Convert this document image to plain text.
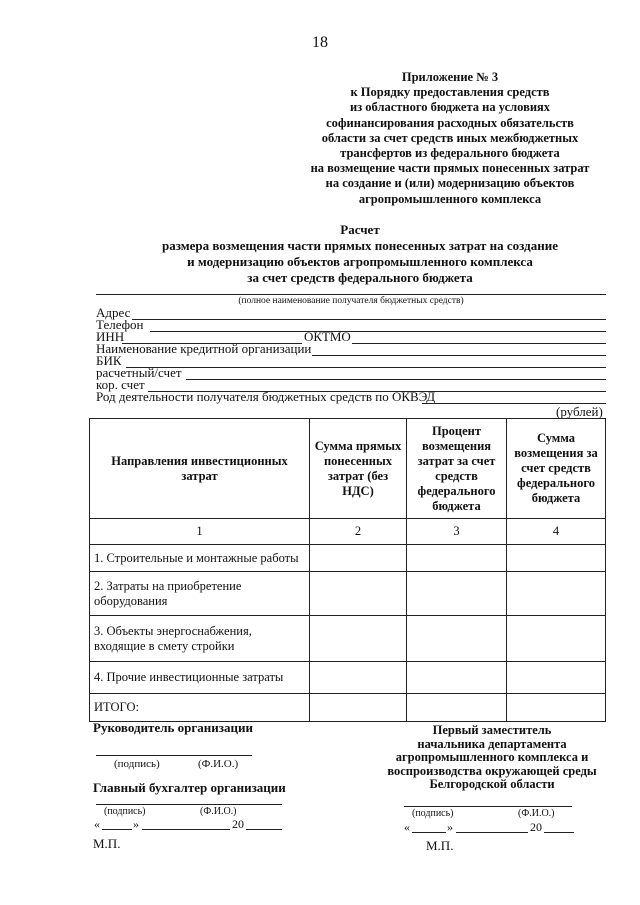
18
Приложение № 3
к Порядку предоставления средств
из областного бюджета на условиях
софинансирования расходных обязательств
области за счет средств иных межбюджетных
трансфертов из федерального бюджета
на возмещение части прямых понесенных затрат
на создание и (или) модернизацию объектов
агропромышленного комплекса
Расчет
размера возмещения части прямых понесенных затрат на создание
и модернизацию объектов агропромышленного комплекса
за счет средств федерального бюджета
(полное наименование получателя бюджетных средств)
Адрес
Телефон
ИНН	ОКТМО
Наименование кредитной организации
БИК
расчетный/счет
кор. счет
Род деятельности получателя бюджетных средств по ОКВЭД
(рублей)
Направления инвестиционных затрат	Сумма прямых понесенных затрат (без НДС)	Процент возмещения затрат за счет средств федерального бюджета	Сумма возмещения за счет средств федерального бюджета
1	2	3	4
1. Строительные и монтажные работы			
2. Затраты на приобретение оборудования			
3. Объекты энергоснабжения, входящие в смету стройки			
4. Прочие инвестиционные затраты			
ИТОГО:			
Руководитель организации
(подпись)	(Ф.И.О.)
Главный бухгалтер организации
(подпись)	(Ф.И.О.)
«	»	20
М.П.
Первый заместитель
начальника департамента
агропромышленного комплекса и
воспроизводства окружающей среды
Белгородской области
(подпись)	(Ф.И.О.)
«	»	20
М.П.
